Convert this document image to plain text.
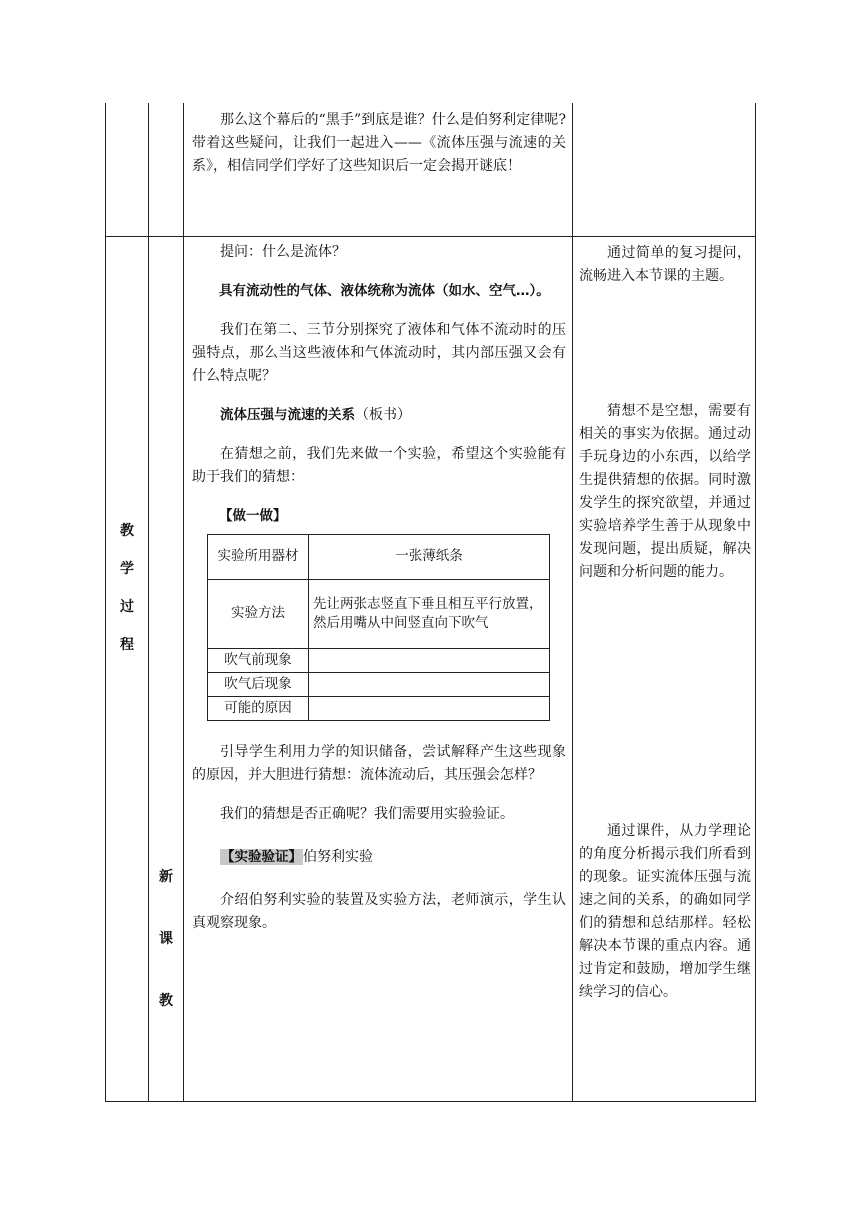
那么这个幕后的“黑手”到底是谁？什么是伯努利定律呢?带着这些疑问，让我们一起进入——《流体压强与流速的关系》，相信同学们学好了这些知识后一定会揭开谜底！

教
学
过
程

新
课
教

提问：什么是流体？

具有流动性的气体、液体统称为流体（如水、空气…）。

我们在第二、三节分别探究了液体和气体不流动时的压强特点，那么当这些液体和气体流动时，其内部压强又会有什么特点呢？

流体压强与流速的关系（板书）

在猜想之前，我们先来做一个实验，希望这个实验能有助于我们的猜想：

【做一做】

实验所用器材	一张薄纸条
实验方法	先让两张志竖直下垂且相互平行放置，然后用嘴从中间竖直向下吹气
吹气前现象	
吹气后现象	
可能的原因	

引导学生利用力学的知识储备，尝试解释产生这些现象的原因，并大胆进行猜想：流体流动后，其压强会怎样？

我们的猜想是否正确呢？我们需要用实验验证。

【实验验证】伯努利实验

介绍伯努利实验的装置及实验方法，老师演示，学生认真观察现象。

通过简单的复习提问，流畅进入本节课的主题。

猜想不是空想，需要有相关的事实为依据。通过动手玩身边的小东西，以给学生提供猜想的依据。同时激发学生的探究欲望，并通过实验培养学生善于从现象中发现问题，提出质疑，解决问题和分析问题的能力。

通过课件，从力学理论的角度分析揭示我们所看到的现象。证实流体压强与流速之间的关系，的确如同学们的猜想和总结那样。轻松解决本节课的重点内容。通过肯定和鼓励，增加学生继续学习的信心。
